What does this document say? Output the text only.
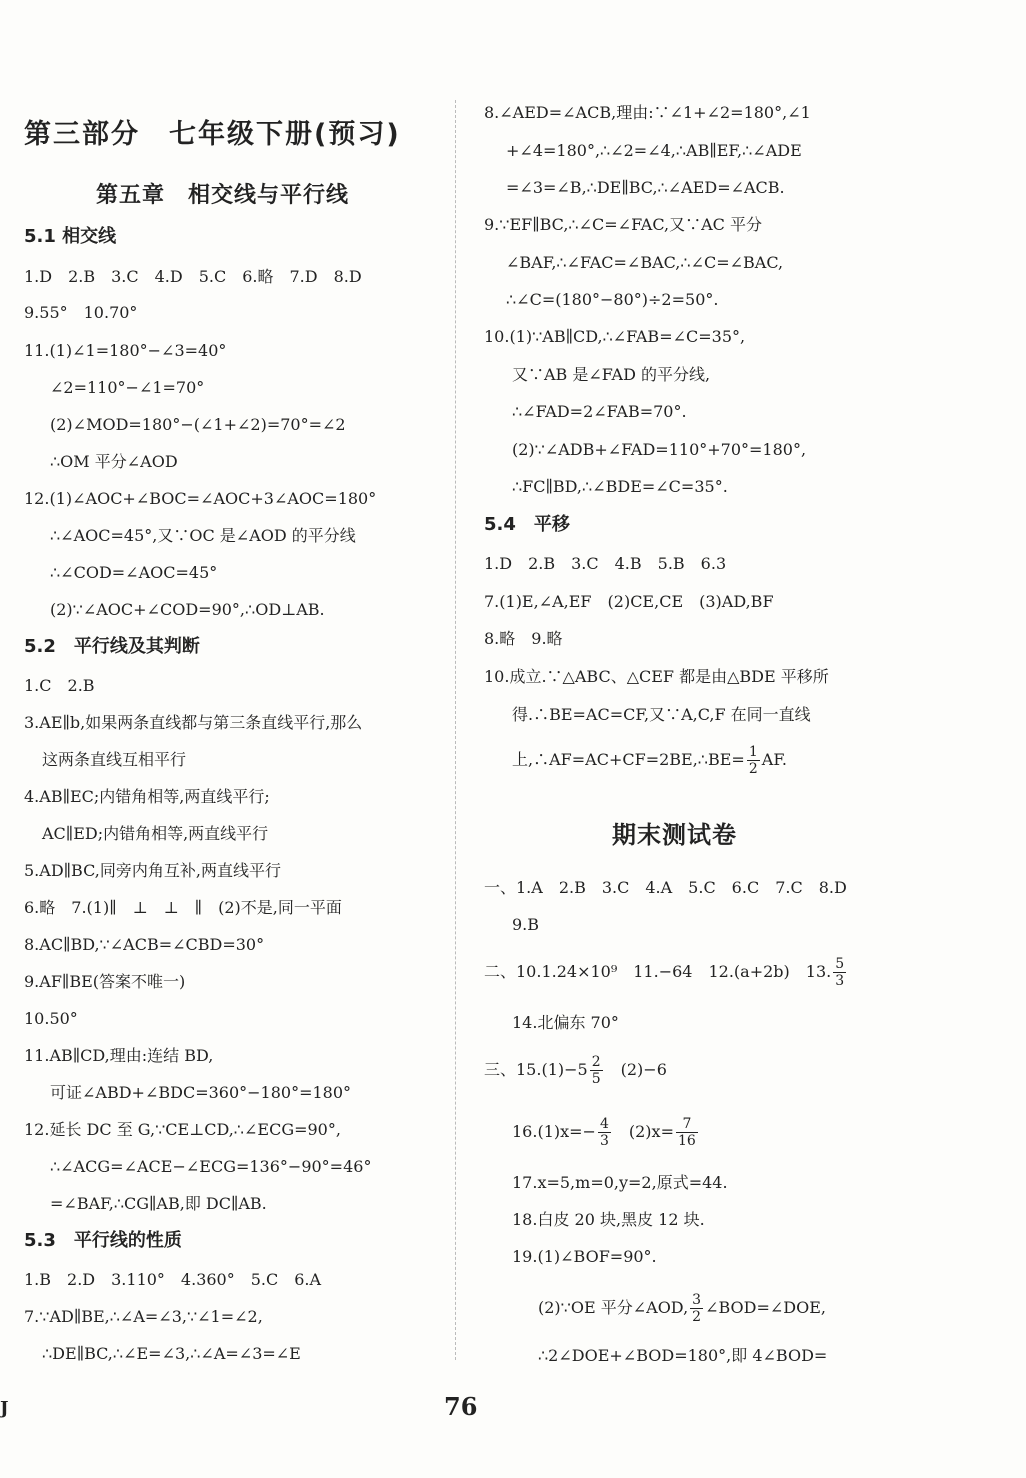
第三部分　七年级下册(预习)
第五章　相交线与平行线
5.1 相交线
1.D　2.B　3.C　4.D　5.C　6.略　7.D　8.D
9.55°　10.70°
11.(1)∠1=180°−∠3=40°
∠2=110°−∠1=70°
(2)∠MOD=180°−(∠1+∠2)=70°=∠2
∴OM 平分∠AOD
12.(1)∠AOC+∠BOC=∠AOC+3∠AOC=180°
∴∠AOC=45°,又∵OC 是∠AOD 的平分线
∴∠COD=∠AOC=45°
(2)∵∠AOC+∠COD=90°,∴OD⊥AB.
5.2　平行线及其判断
1.C　2.B
3.AE∥b,如果两条直线都与第三条直线平行,那么
这两条直线互相平行
4.AB∥EC;内错角相等,两直线平行;
AC∥ED;内错角相等,两直线平行
5.AD∥BC,同旁内角互补,两直线平行
6.略　7.(1)∥　⊥　⊥　∥　(2)不是,同一平面
8.AC∥BD,∵∠ACB=∠CBD=30°
9.AF∥BE(答案不唯一)
10.50°
11.AB∥CD,理由:连结 BD,
可证∠ABD+∠BDC=360°−180°=180°
12.延长 DC 至 G,∵CE⊥CD,∴∠ECG=90°,
∴∠ACG=∠ACE−∠ECG=136°−90°=46°
=∠BAF,∴CG∥AB,即 DC∥AB.
5.3　平行线的性质
1.B　2.D　3.110°　4.360°　5.C　6.A
7.∵AD∥BE,∴∠A=∠3,∵∠1=∠2,
∴DE∥BC,∴∠E=∠3,∴∠A=∠3=∠E
8.∠AED=∠ACB,理由:∵∠1+∠2=180°,∠1
+∠4=180°,∴∠2=∠4,∴AB∥EF,∴∠ADE
=∠3=∠B,∴DE∥BC,∴∠AED=∠ACB.
9.∵EF∥BC,∴∠C=∠FAC,又∵AC 平分
∠BAF,∴∠FAC=∠BAC,∴∠C=∠BAC,
∴∠C=(180°−80°)÷2=50°.
10.(1)∵AB∥CD,∴∠FAB=∠C=35°,
又∵AB 是∠FAD 的平分线,
∴∠FAD=2∠FAB=70°.
(2)∵∠ADB+∠FAD=110°+70°=180°,
∴FC∥BD,∴∠BDE=∠C=35°.
5.4　平移
1.D　2.B　3.C　4.B　5.B　6.3
7.(1)E,∠A,EF　(2)CE,CE　(3)AD,BF
8.略　9.略
10.成立.∵△ABC、△CEF 都是由△BDE 平移所
得.∴BE=AC=CF,又∵A,C,F 在同一直线
上,∴AF=AC+CF=2BE,∴BE= $\frac{1}{2}$ AF.
期末测试卷
一、1.A　2.B　3.C　4.A　5.C　6.C　7.C　8.D
9.B
二、10.1.24×10⁹　11.−64　12.(a+2b)　13. $\frac{5}{3}$
14.北偏东 70°
三、$15.(1)-5 \frac{2}{5}$ 　(2)−6
$16.(1)x=- \frac{4}{3}$ 　$(2)x= \frac{7}{16}$
17.x=5,m=0,y=2,原式=44.
18.白皮 20 块,黑皮 12 块.
19.(1)∠BOF=90°.
(2)∵OE 平分∠AOD, $\frac{3}{2}$ ∠BOD=∠DOE,
∴2∠DOE+∠BOD=180°,即 4∠BOD=
76
J
